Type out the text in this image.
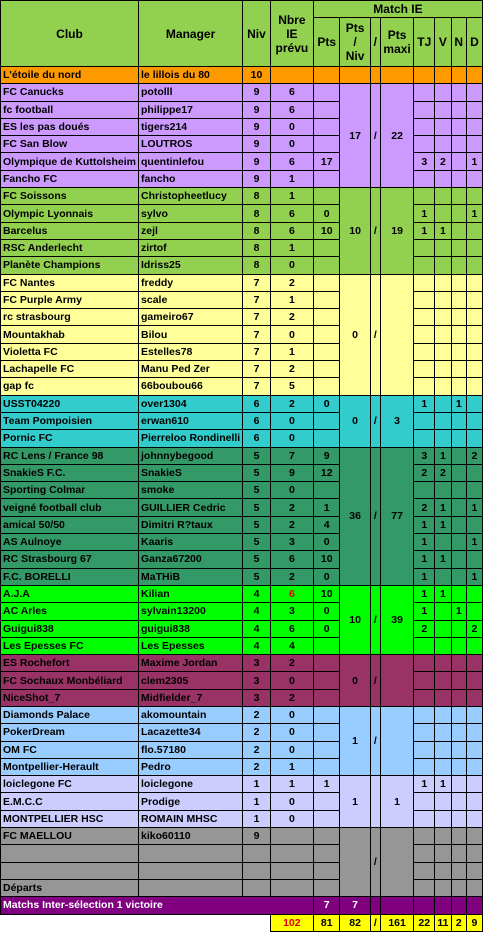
Club	Manager	Niv	Nbre IE prévu	Match IE							
				Pts	Pts / Niv	/	Pts maxi	TJ	V	N	D
L'étoile du nord	le lillois du 80	10									
FC Canucks	potolll	9	6		17	/	22				
fc football	philippe17	9	6								
ES les pas doués	tigers214	9	0								
FC San Blow	LOUTROS	9	0								
Olympique de Kuttolsheim	quentinlefou	9	6	17				3	2		1
Fancho FC	fancho	9	1								
FC Soissons	Christopheetlucy	8	1		10	/	19				
Olympic Lyonnais	sylvo	8	6	0				1			1
Barcelus	zejl	8	6	10				1	1		
RSC Anderlecht	zirtof	8	1								
Planète Champions	Idriss25	8	0								
FC Nantes	freddy	7	2		0	/					
FC Purple Army	scale	7	1								
rc strasbourg	gameiro67	7	2								
Mountakhab	Bilou	7	0								
Violetta FC	Estelles78	7	1								
Lachapelle FC	Manu Ped Zer	7	2								
gap fc	66boubou66	7	5								
USST04220	over1304	6	2	0	0	/	3	1		1	
Team Pompoisien	erwan610	6	0								
Pornic FC	Pierreloo Rondinelli	6	0								
RC Lens / France 98	johnnybegood	5	7	9	36	/	77	3	1		2
SnakieS F.C.	SnakieS	5	9	12				2	2		
Sporting Colmar	smoke	5	0								
veigné football club	GUILLIER Cedric	5	2	1				2	1		1
amical 50/50	Dimitri R?taux	5	2	4				1	1		
AS Aulnoye	Kaaris	5	3	0				1			1
RC Strasbourg 67	Ganza67200	5	6	10				1	1		
F.C. BORELLI	MaTHiB	5	2	0				1			1
A.J.A	Kilian	4	6	10	10	/	39	1	1		
AC Arles	sylvain13200	4	3	0				1		1	
Guigui838	guigui838	4	6	0				2			2
Les Epesses FC	Les Epesses	4	4								
ES Rochefort	Maxime Jordan	3	2		0	/					
FC Sochaux Monbéliard	clem2305	3	0								
NiceShot_7	Midfielder_7	3	2								
Diamonds Palace	akomountain	2	0		1	/					
PokerDream	Lacazette34	2	0								
OM FC	flo.57180	2	0								
Montpellier-Herault	Pedro	2	1								
loiclegone FC	loiclegone	1	1	1	1		1	1	1		
E.M.C.C	Prodige	1	0								
MONTPELLIER HSC	ROMAIN MHSC	1	0								
FC MAELLOU	kiko60110	9				/					

Départs											
Matchs Inter-sélection 1 victoire				7	7						
			102	81	82	/	161	22	11	2	9
